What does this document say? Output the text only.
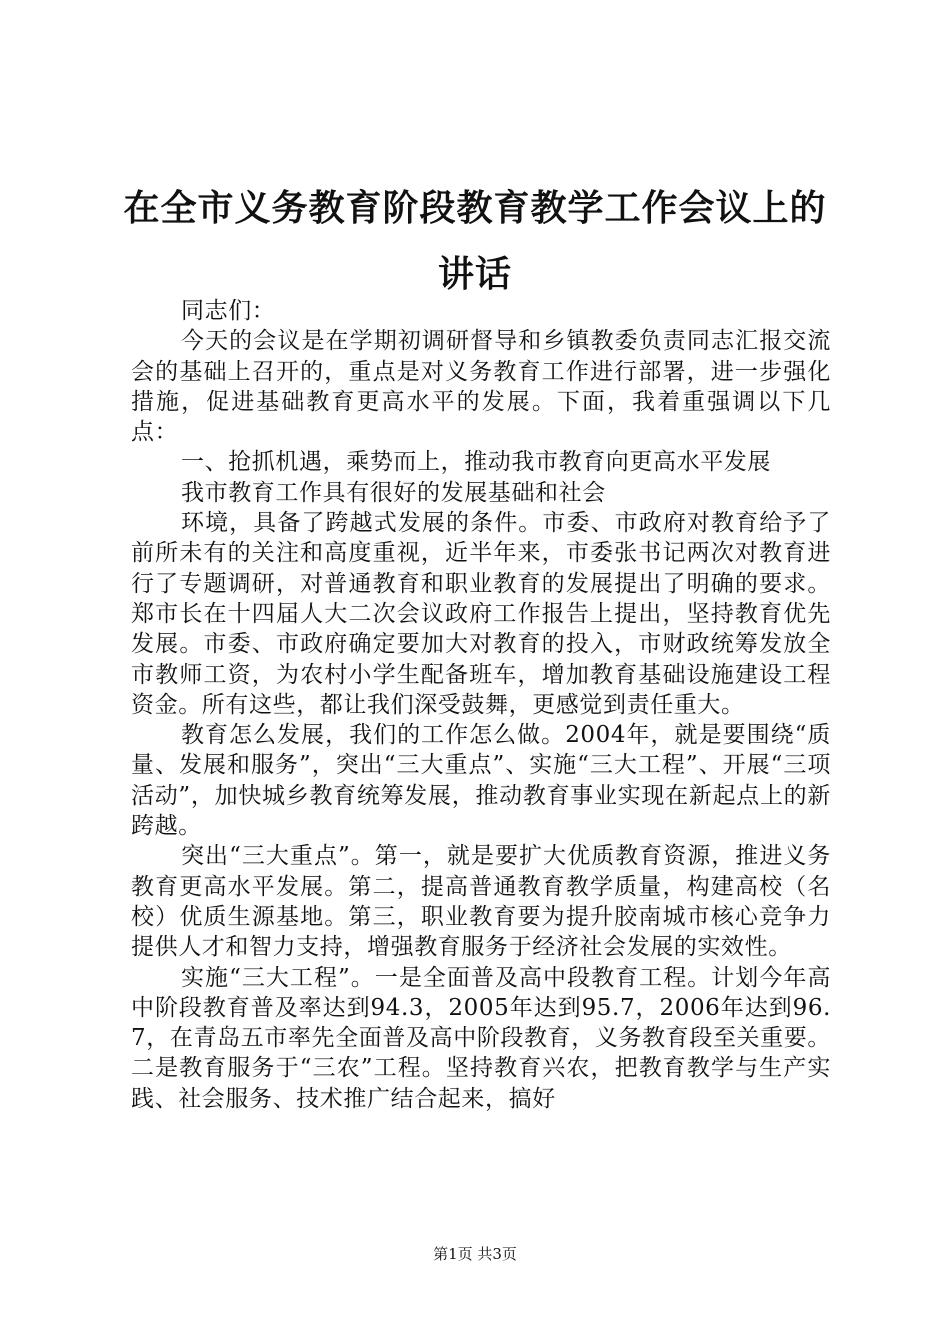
在全市义务教育阶段教育教学工作会议上的讲话

同志们：

今天的会议是在学期初调研督导和乡镇教委负责同志汇报交流会的基础上召开的，重点是对义务教育工作进行部署，进一步强化措施，促进基础教育更高水平的发展。下面，我着重强调以下几点：

一、抢抓机遇，乘势而上，推动我市教育向更高水平发展

我市教育工作具有很好的发展基础和社会

环境，具备了跨越式发展的条件。市委、市政府对教育给予了前所未有的关注和高度重视，近半年来，市委张书记两次对教育进行了专题调研，对普通教育和职业教育的发展提出了明确的要求。郑市长在十四届人大二次会议政府工作报告上提出，坚持教育优先发展。市委、市政府确定要加大对教育的投入，市财政统筹发放全市教师工资，为农村小学生配备班车，增加教育基础设施建设工程资金。所有这些，都让我们深受鼓舞，更感觉到责任重大。

教育怎么发展，我们的工作怎么做。2004年，就是要围绕“质量、发展和服务”，突出“三大重点”、实施“三大工程”、开展“三项活动”，加快城乡教育统筹发展，推动教育事业实现在新起点上的新跨越。

突出“三大重点”。第一，就是要扩大优质教育资源，推进义务教育更高水平发展。第二，提高普通教育教学质量，构建高校（名校）优质生源基地。第三，职业教育要为提升胶南城市核心竞争力提供人才和智力支持，增强教育服务于经济社会发展的实效性。

实施“三大工程”。一是全面普及高中段教育工程。计划今年高中阶段教育普及率达到94.3，2005年达到95.7，2006年达到96.7，在青岛五市率先全面普及高中阶段教育，义务教育段至关重要。二是教育服务于“三农”工程。坚持教育兴农，把教育教学与生产实践、社会服务、技术推广结合起来，搞好

第1页 共3页
